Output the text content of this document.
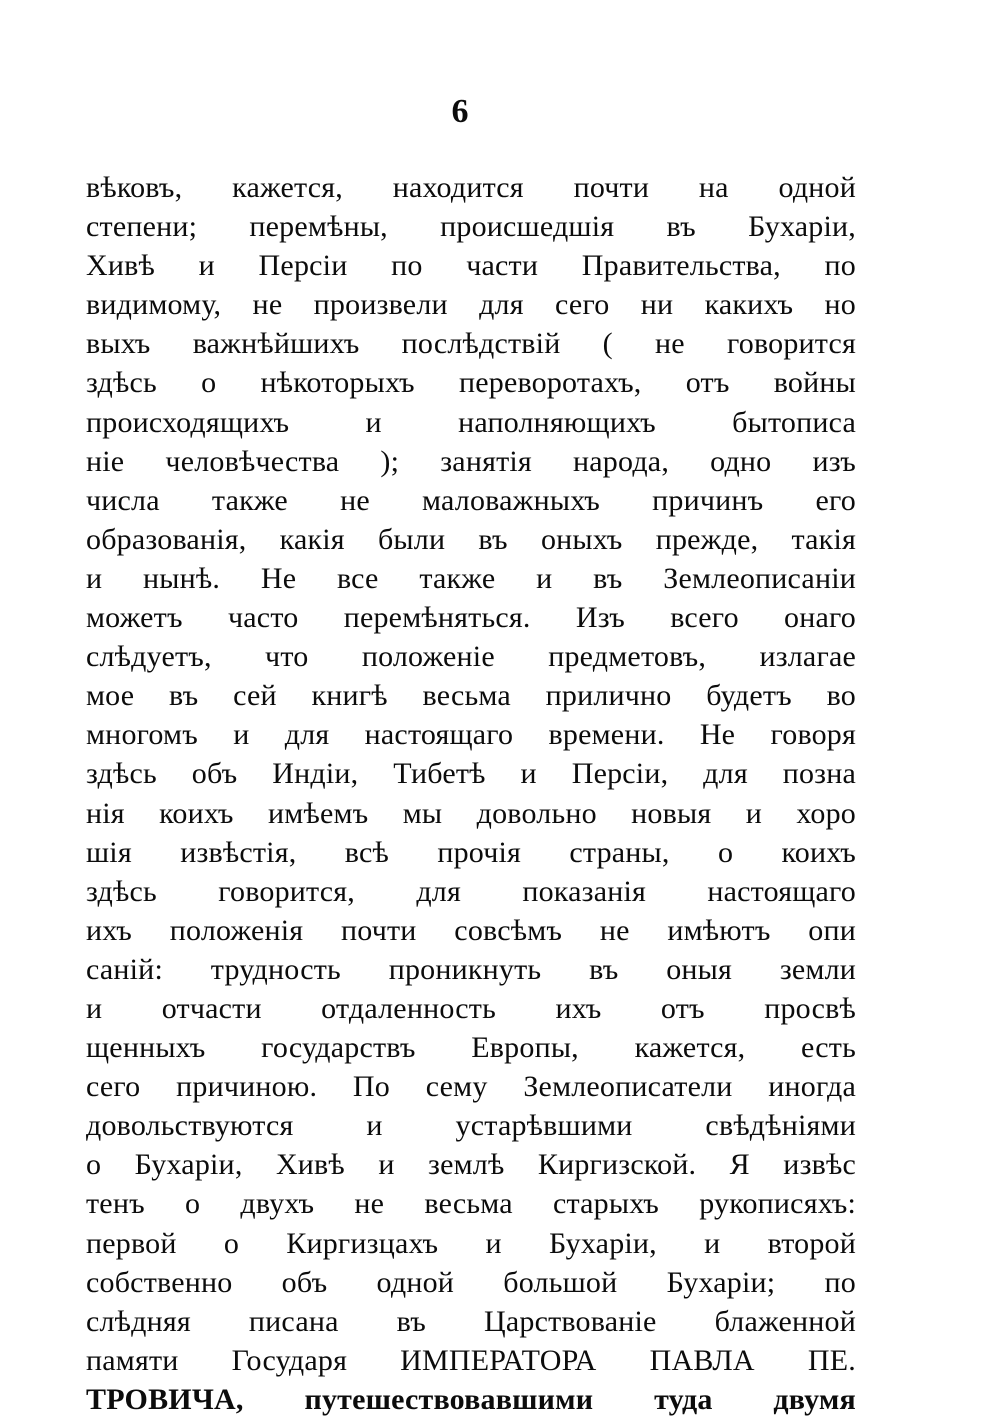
6
вѣковъ, кажется, находится почти на одной
степени; перемѣны, происшедшія въ Бухаріи,
Хивѣ и Персіи по части Правительства, по
видимому, не произвели для сего ни какихъ но
выхъ важнѣйшихъ послѣдствій ( не говорится
здѣсь о нѣкоторыхъ переворотахъ, отъ войны
происходящихъ и наполняющихъ бытописа
ніе человѣчества ); занятія народа, одно изъ
числа также не маловажныхъ причинъ его
образованія, какія были въ оныхъ прежде, такія
и нынѣ. Не все также и въ Землеописаніи
можетъ часто перемѣняться. Изъ всего онаго
слѣдуетъ, что положеніе предметовъ, излагае
мое въ сей книгѣ весьма прилично будетъ во
многомъ и для настоящаго времени. Не говоря
здѣсь объ Индіи, Тибетѣ и Персіи, для позна
нія коихъ имѣемъ мы довольно новыя и хоро
шія извѣстія, всѣ прочія страны, о коихъ
здѣсь говорится, для показанія настоящаго
ихъ положенія почти совсѣмъ не имѣютъ опи
саній: трудность проникнуть въ оныя земли
и отчасти отдаленность ихъ отъ просвѣ
щенныхъ государствъ Европы, кажется, есть
сего причиною. По сему Землеописатели иногда
довольствуются и устарѣвшими свѣдѣніями
о Бухаріи, Хивѣ и землѣ Киргизской. Я извѣс
тенъ о двухъ не весьма старыхъ рукописяхъ:
первой о Киргизцахъ и Бухаріи, и второй
собственно объ одной большой Бухаріи; по
слѣдняя писана въ Царствованіе блаженной
памяти Государя ИМПЕРАТОРА ПАВЛА ПЕ.
ТРОВИЧА, путешествовавшими туда двумя
